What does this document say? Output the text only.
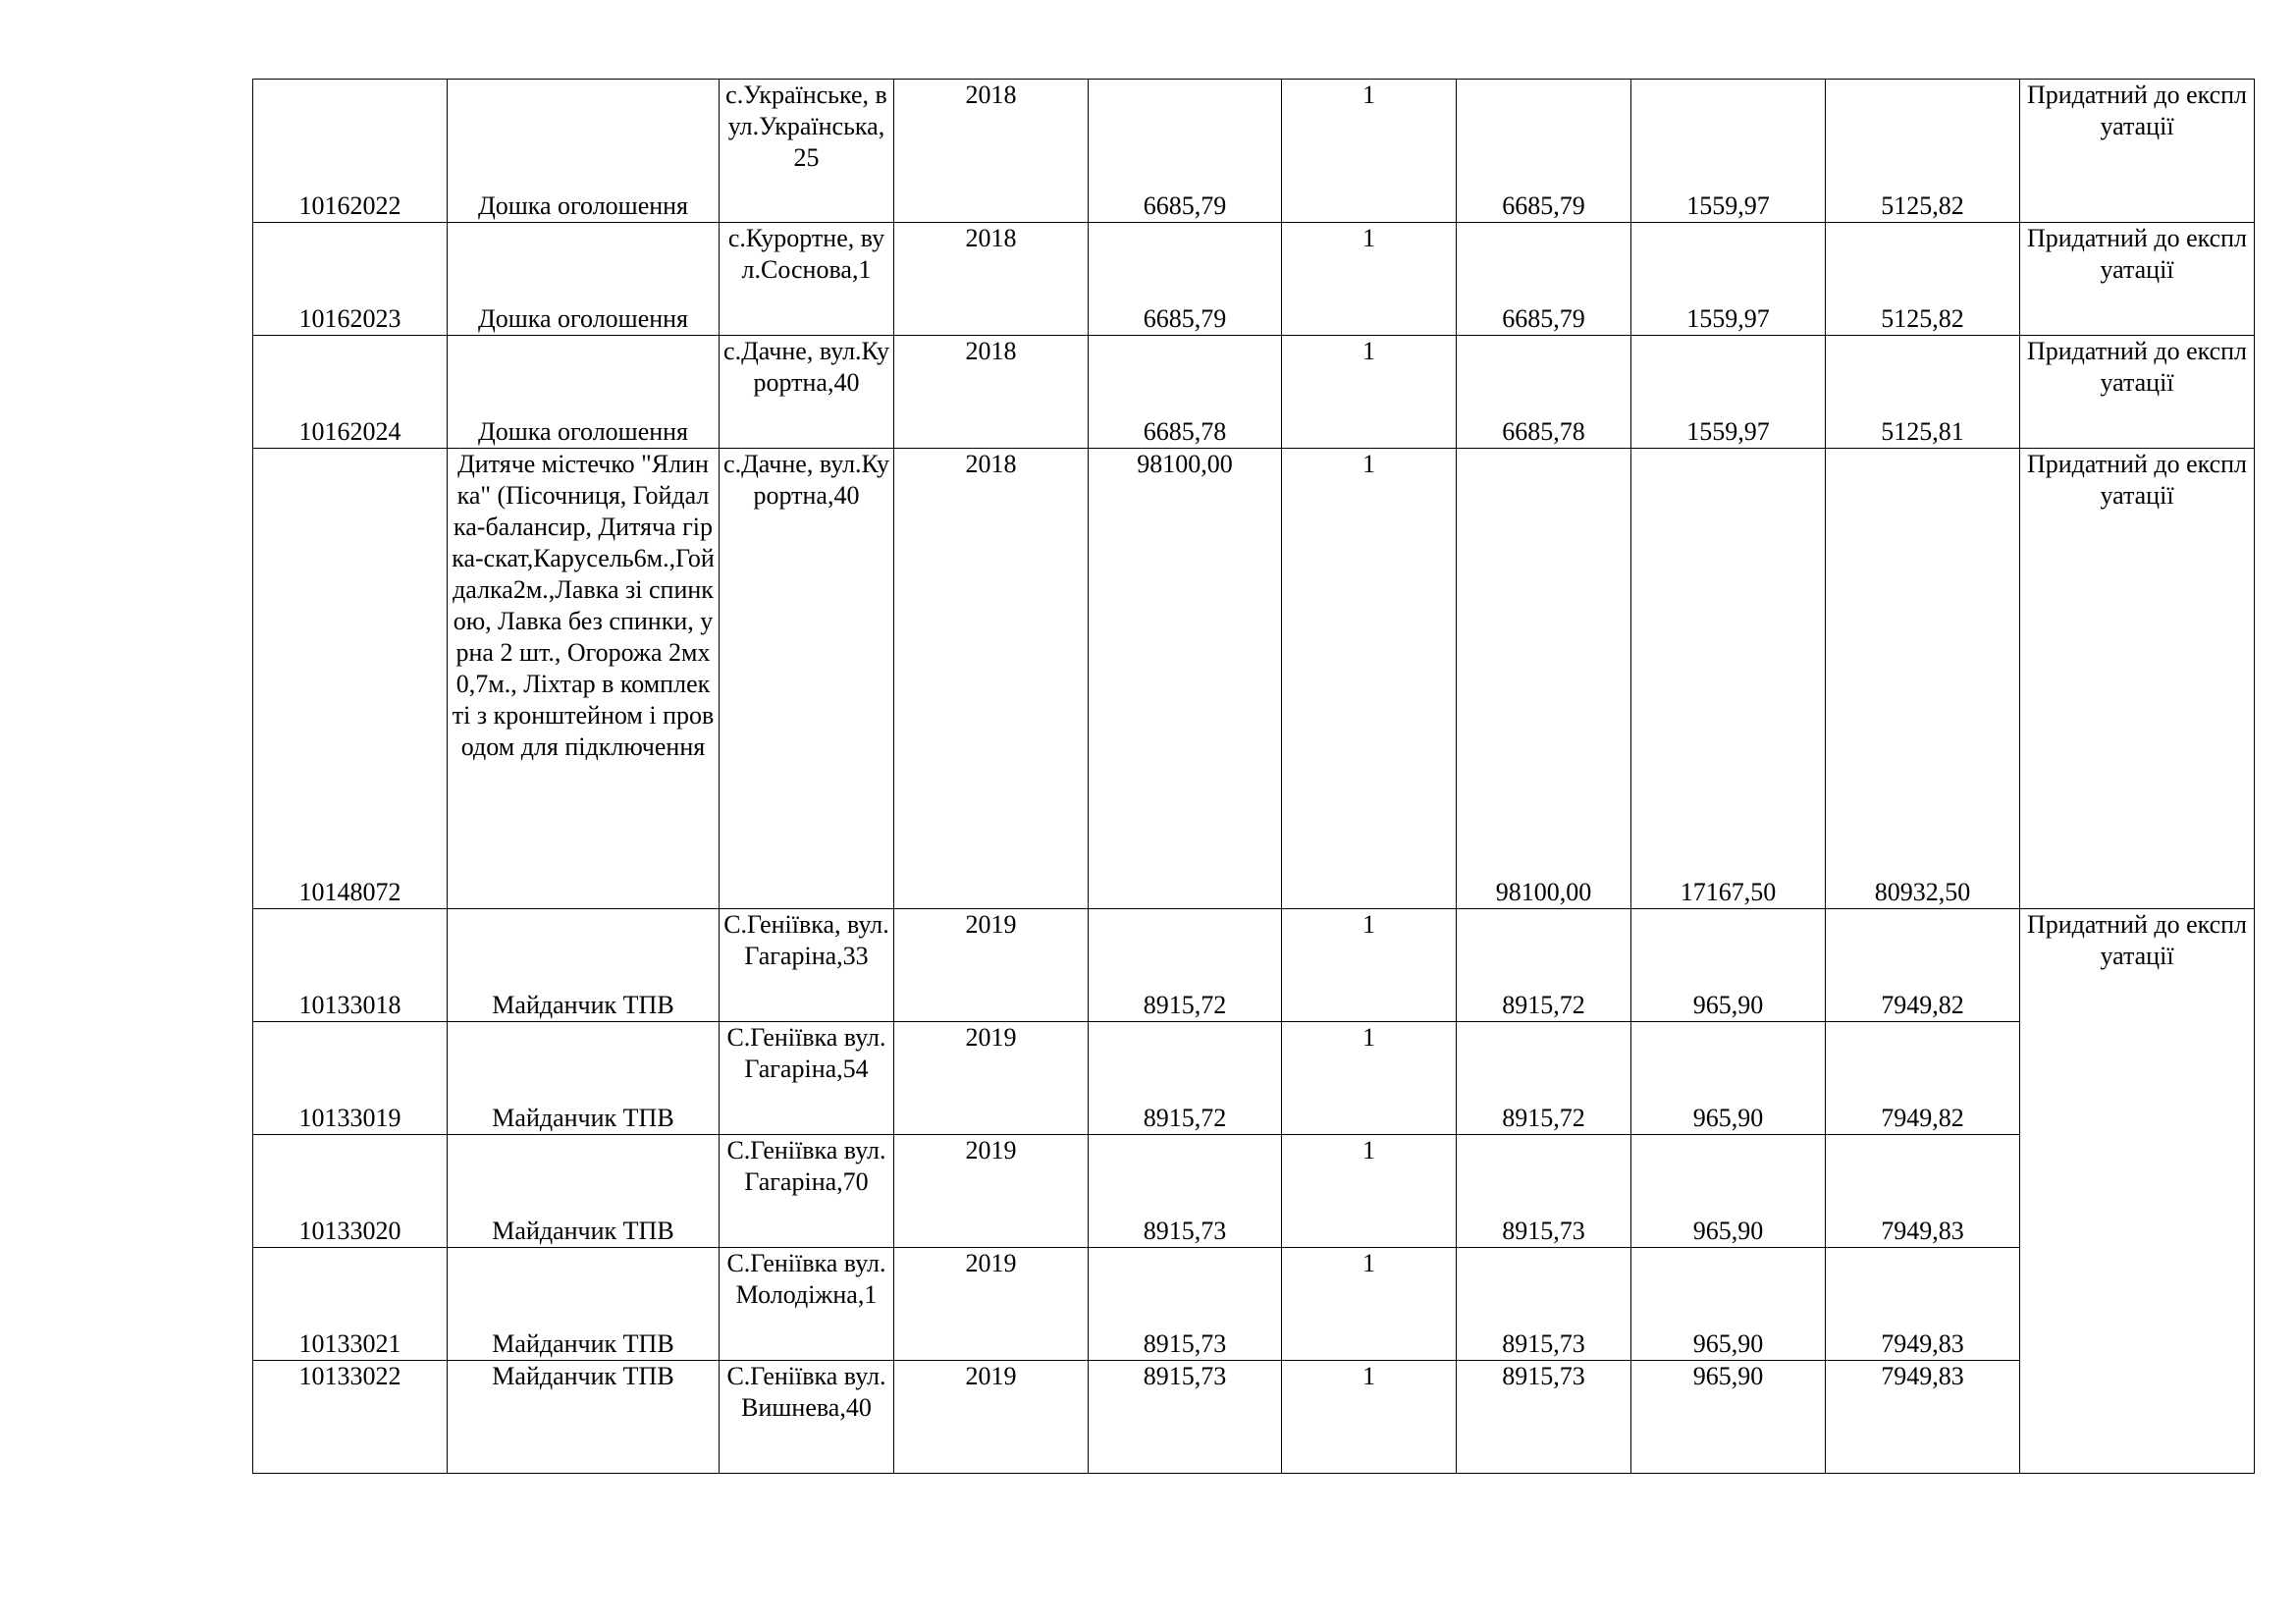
10162022	Дошка оголошення	с.Українське, вул.Українська,25	2018	6685,79	1	6685,79	1559,97	5125,82	Придатний до експлуатації
10162023	Дошка оголошення	с.Курортне, вул.Соснова,1	2018	6685,79	1	6685,79	1559,97	5125,82	Придатний до експлуатації
10162024	Дошка оголошення	с.Дачне, вул.Курортна,40	2018	6685,78	1	6685,78	1559,97	5125,81	Придатний до експлуатації
10148072	Дитяче містечко "Ялинка" (Пісочниця, Гойдалка-балансир, Дитяча гірка-скат,Карусель6м.,Гойдалка2м.,Лавка зі спинкою, Лавка без спинки, урна 2 шт., Огорожа 2мх0,7м., Ліхтар в комплекті з кронштейном і проводом для підключення	с.Дачне, вул.Курортна,40	2018	98100,00	1	98100,00	17167,50	80932,50	Придатний до експлуатації
10133018	Майданчик ТПВ	С.Геніївка, вул.Гагаріна,33	2019	8915,72	1	8915,72	965,90	7949,82	Придатний до експлуатації
10133019	Майданчик ТПВ	С.Геніївка вул.Гагаріна,54	2019	8915,72	1	8915,72	965,90	7949,82	
10133020	Майданчик ТПВ	С.Геніївка вул.Гагаріна,70	2019	8915,73	1	8915,73	965,90	7949,83	
10133021	Майданчик ТПВ	С.Геніївка вул.Молодіжна,1	2019	8915,73	1	8915,73	965,90	7949,83	
10133022	Майданчик ТПВ	С.Геніївка вул.Вишнева,40	2019	8915,73	1	8915,73	965,90	7949,83	
